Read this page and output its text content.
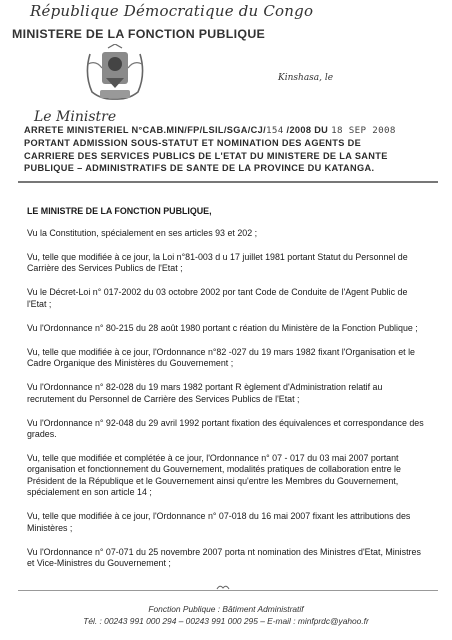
République Démocratique du Congo
MINISTERE DE LA FONCTION PUBLIQUE
Kinshasa, le
Le Ministre
ARRETE MINISTERIEL N°CAB.MIN/FP/LSIL/SGA/CJ/154 /2008 DU 18 SEP 2008
PORTANT ADMISSION SOUS-STATUT ET NOMINATION DES AGENTS DE
CARRIERE DES SERVICES PUBLICS DE L'ETAT DU MINISTERE DE LA SANTE
PUBLIQUE – ADMINISTRATIFS DE SANTE DE LA PROVINCE DU KATANGA.

LE MINISTRE DE LA FONCTION PUBLIQUE,

Vu la Constitution, spécialement en ses articles 93 et 202 ;

Vu, telle que modifiée à ce jour, la Loi n°81-003 d u 17 juillet 1981 portant Statut du Personnel de Carrière des Services Publics de l'Etat ;

Vu le Décret-Loi n° 017-2002 du 03 octobre 2002 por tant Code de Conduite de l'Agent Public de l'Etat ;

Vu l'Ordonnance n° 80-215 du 28 août 1980 portant c réation du Ministère de la Fonction Publique ;

Vu, telle que modifiée à ce jour, l'Ordonnance n°82 -027 du 19 mars 1982 fixant l'Organisation et le Cadre Organique des Ministères du Gouvernement ;

Vu l'Ordonnance n° 82-028 du 19 mars 1982 portant R èglement d'Administration relatif au recrutement du Personnel de Carrière des Services Publics de l'Etat ;

Vu l'Ordonnance n° 92-048 du 29 avril 1992 portant fixation des équivalences et correspondance des grades.

Vu, telle que modifiée et complétée à ce jour, l'Ordonnance n° 07 - 017 du 03 mai 2007 portant organisation et fonctionnement du Gouvernement, modalités pratiques de collaboration entre le Président de la République et le Gouvernement ainsi qu'entre les Membres du Gouvernement, spécialement en son article 14 ;

Vu, telle que modifiée à ce jour, l'Ordonnance n° 07-018 du 16 mai 2007 fixant les attributions des Ministères ;

Vu l'Ordonnance n° 07-071 du 25 novembre 2007 porta nt nomination des Ministres d'Etat, Ministres et Vice-Ministres du Gouvernement ;

Fonction Publique : Bâtiment Administratif
Tél. : 00243 991 000 294 – 00243 991 000 295 – E-mail : minfprdc@yahoo.fr
